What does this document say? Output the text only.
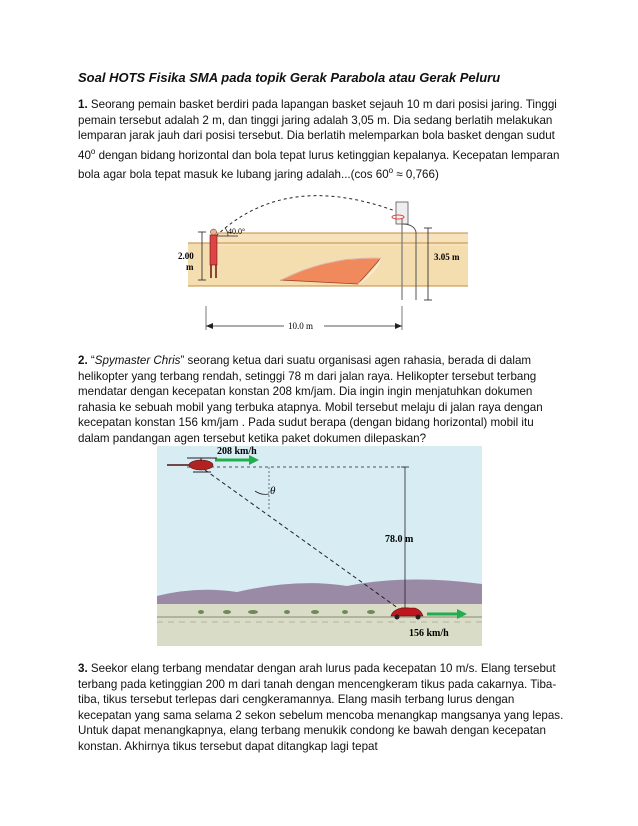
Soal HOTS Fisika SMA pada topik Gerak Parabola atau Gerak Peluru
1. Seorang pemain basket berdiri pada lapangan basket sejauh 10 m dari posisi jaring. Tinggi pemain tersebut adalah 2 m, dan tinggi jaring adalah 3,05 m. Dia sedang berlatih melakukan lemparan jarak jauh dari posisi tersebut. Dia berlatih melemparkan bola basket dengan sudut 40$^o$ dengan bidang horizontal dan bola tepat lurus ketinggian kepalanya. Kecepatan lemparan bola agar bola tepat masuk ke lubang jaring adalah...(cos $60^o \approx 0,766$)
40.0°
2.00
m
3.05 m
10.0 m
2. “Spymaster Chris” seorang ketua dari suatu organisasi agen rahasia, berada di dalam helikopter yang terbang rendah, setinggi 78 m dari jalan raya. Helikopter tersebut terbang mendatar dengan kecepatan konstan 208 km/jam. Dia ingin ingin menjatuhkan dokumen rahasia ke sebuah mobil yang terbuka atapnya. Mobil tersebut melaju di jalan raya dengan kecepatan konstan 156 km/jam . Pada sudut berapa (dengan bidang horizontal) mobil itu dalam pandangan agen tersebut ketika paket dokumen dilepaskan?
78.0 m
θ
208 km/h
156 km/h
3. Seekor elang terbang mendatar dengan arah lurus pada kecepatan 10 m/s. Elang tersebut terbang pada ketinggian 200 m dari tanah dengan mencengkeram tikus pada cakarnya. Tiba-tiba, tikus tersebut terlepas dari cengkeramannya. Elang masih terbang lurus dengan kecepatan yang sama selama 2 sekon sebelum mencoba menangkap mangsanya yang lepas. Untuk dapat menangkapnya, elang terbang menukik condong ke bawah dengan kecepatan konstan. Akhirnya tikus tersebut dapat ditangkap lagi tepat
